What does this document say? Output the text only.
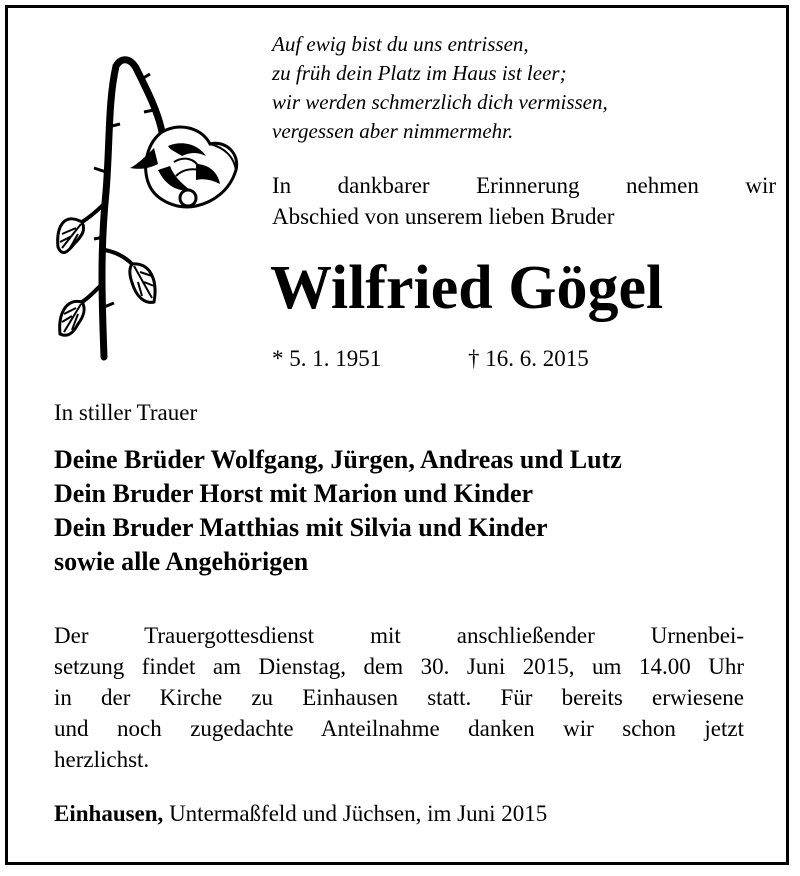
Auf ewig bist du uns entrissen,
zu früh dein Platz im Haus ist leer;
wir werden schmerzlich dich vermissen,
vergessen aber nimmermehr.
In dankbarer Erinnerung nehmen wir
Abschied von unserem lieben Bruder
Wilfried Gögel
* 5. 1. 1951	† 16. 6. 2015
In stiller Trauer
Deine Brüder Wolfgang, Jürgen, Andreas und Lutz
Dein Bruder Horst mit Marion und Kinder
Dein Bruder Matthias mit Silvia und Kinder
sowie alle Angehörigen
Der Trauergottesdienst mit anschließender Urnenbei-
setzung findet am Dienstag, dem 30. Juni 2015, um 14.00 Uhr
in der Kirche zu Einhausen statt. Für bereits erwiesene
und noch zugedachte Anteilnahme danken wir schon jetzt
herzlichst.
Einhausen, Untermaßfeld und Jüchsen, im Juni 2015
